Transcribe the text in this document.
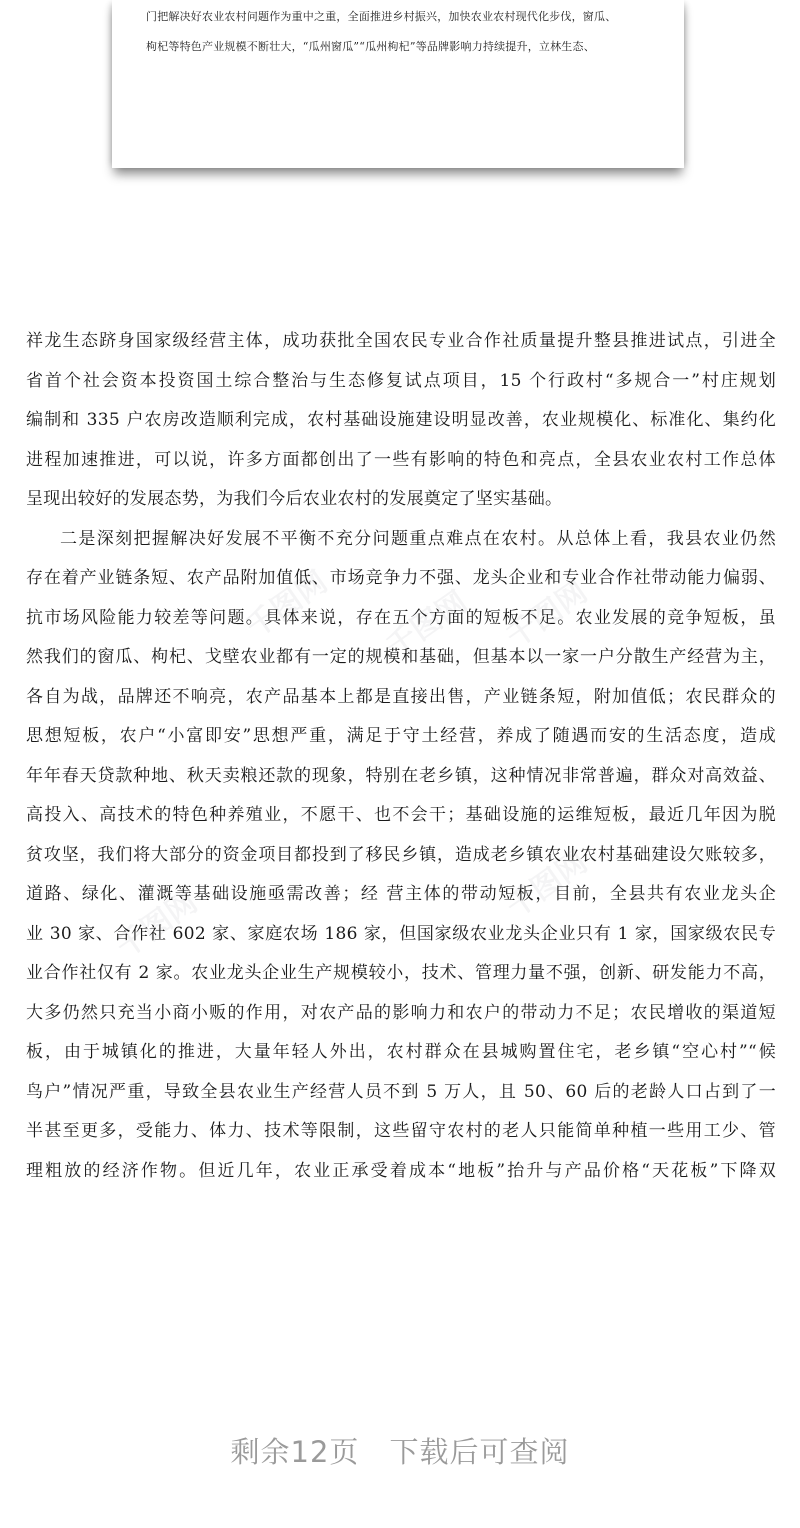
门把解决好农业农村问题作为重中之重，全面推进乡村振兴，加快农业农村现代化步伐，窗瓜、
枸杞等特色产业规模不断壮大，“瓜州窗瓜”“瓜州枸杞”等品牌影响力持续提升，立林生态、
千图网 千图网 千图网
千图网	千图网
祥龙生态跻身国家级经营主体，成功获批全国农民专业合作社质量提升整县推进试点，引进全
省首个社会资本投资国土综合整治与生态修复试点项目，15 个行政村“多规合一”村庄规划
编制和 335 户农房改造顺利完成，农村基础设施建设明显改善，农业规模化、标准化、集约化
进程加速推进，可以说，许多方面都创出了一些有影响的特色和亮点，全县农业农村工作总体
呈现出较好的发展态势，为我们今后农业农村的发展奠定了坚实基础。
二是深刻把握解决好发展不平衡不充分问题重点难点在农村。从总体上看，我县农业仍然
存在着产业链条短、农产品附加值低、市场竞争力不强、龙头企业和专业合作社带动能力偏弱、
抗市场风险能力较差等问题。具体来说，存在五个方面的短板不足。农业发展的竞争短板，虽
然我们的窗瓜、枸杞、戈壁农业都有一定的规模和基础，但基本以一家一户分散生产经营为主，
各自为战，品牌还不响亮，农产品基本上都是直接出售，产业链条短，附加值低；农民群众的
思想短板，农户“小富即安”思想严重，满足于守土经营，养成了随遇而安的生活态度，造成
年年春天贷款种地、秋天卖粮还款的现象，特别在老乡镇，这种情况非常普遍，群众对高效益、
高投入、高技术的特色种养殖业，不愿干、也不会干；基础设施的运维短板，最近几年因为脱
贫攻坚，我们将大部分的资金项目都投到了移民乡镇，造成老乡镇农业农村基础建设欠账较多，
道路、绿化、灌溉等基础设施亟需改善；经 营主体的带动短板，目前，全县共有农业龙头企
业 30 家、合作社 602 家、家庭农场 186 家，但国家级农业龙头企业只有 1 家，国家级农民专
业合作社仅有 2 家。农业龙头企业生产规模较小，技术、管理力量不强，创新、研发能力不高，
大多仍然只充当小商小贩的作用，对农产品的影响力和农户的带动力不足；农民增收的渠道短
板，由于城镇化的推进，大量年轻人外出，农村群众在县城购置住宅，老乡镇“空心村”“候
鸟户”情况严重，导致全县农业生产经营人员不到 5 万人，且 50、60 后的老龄人口占到了一
半甚至更多，受能力、体力、技术等限制，这些留守农村的老人只能简单种植一些用工少、管
理粗放的经济作物。但近几年，农业正承受着成本“地板”抬升与产品价格“天花板”下降双
剩余12页 下载后可查阅
